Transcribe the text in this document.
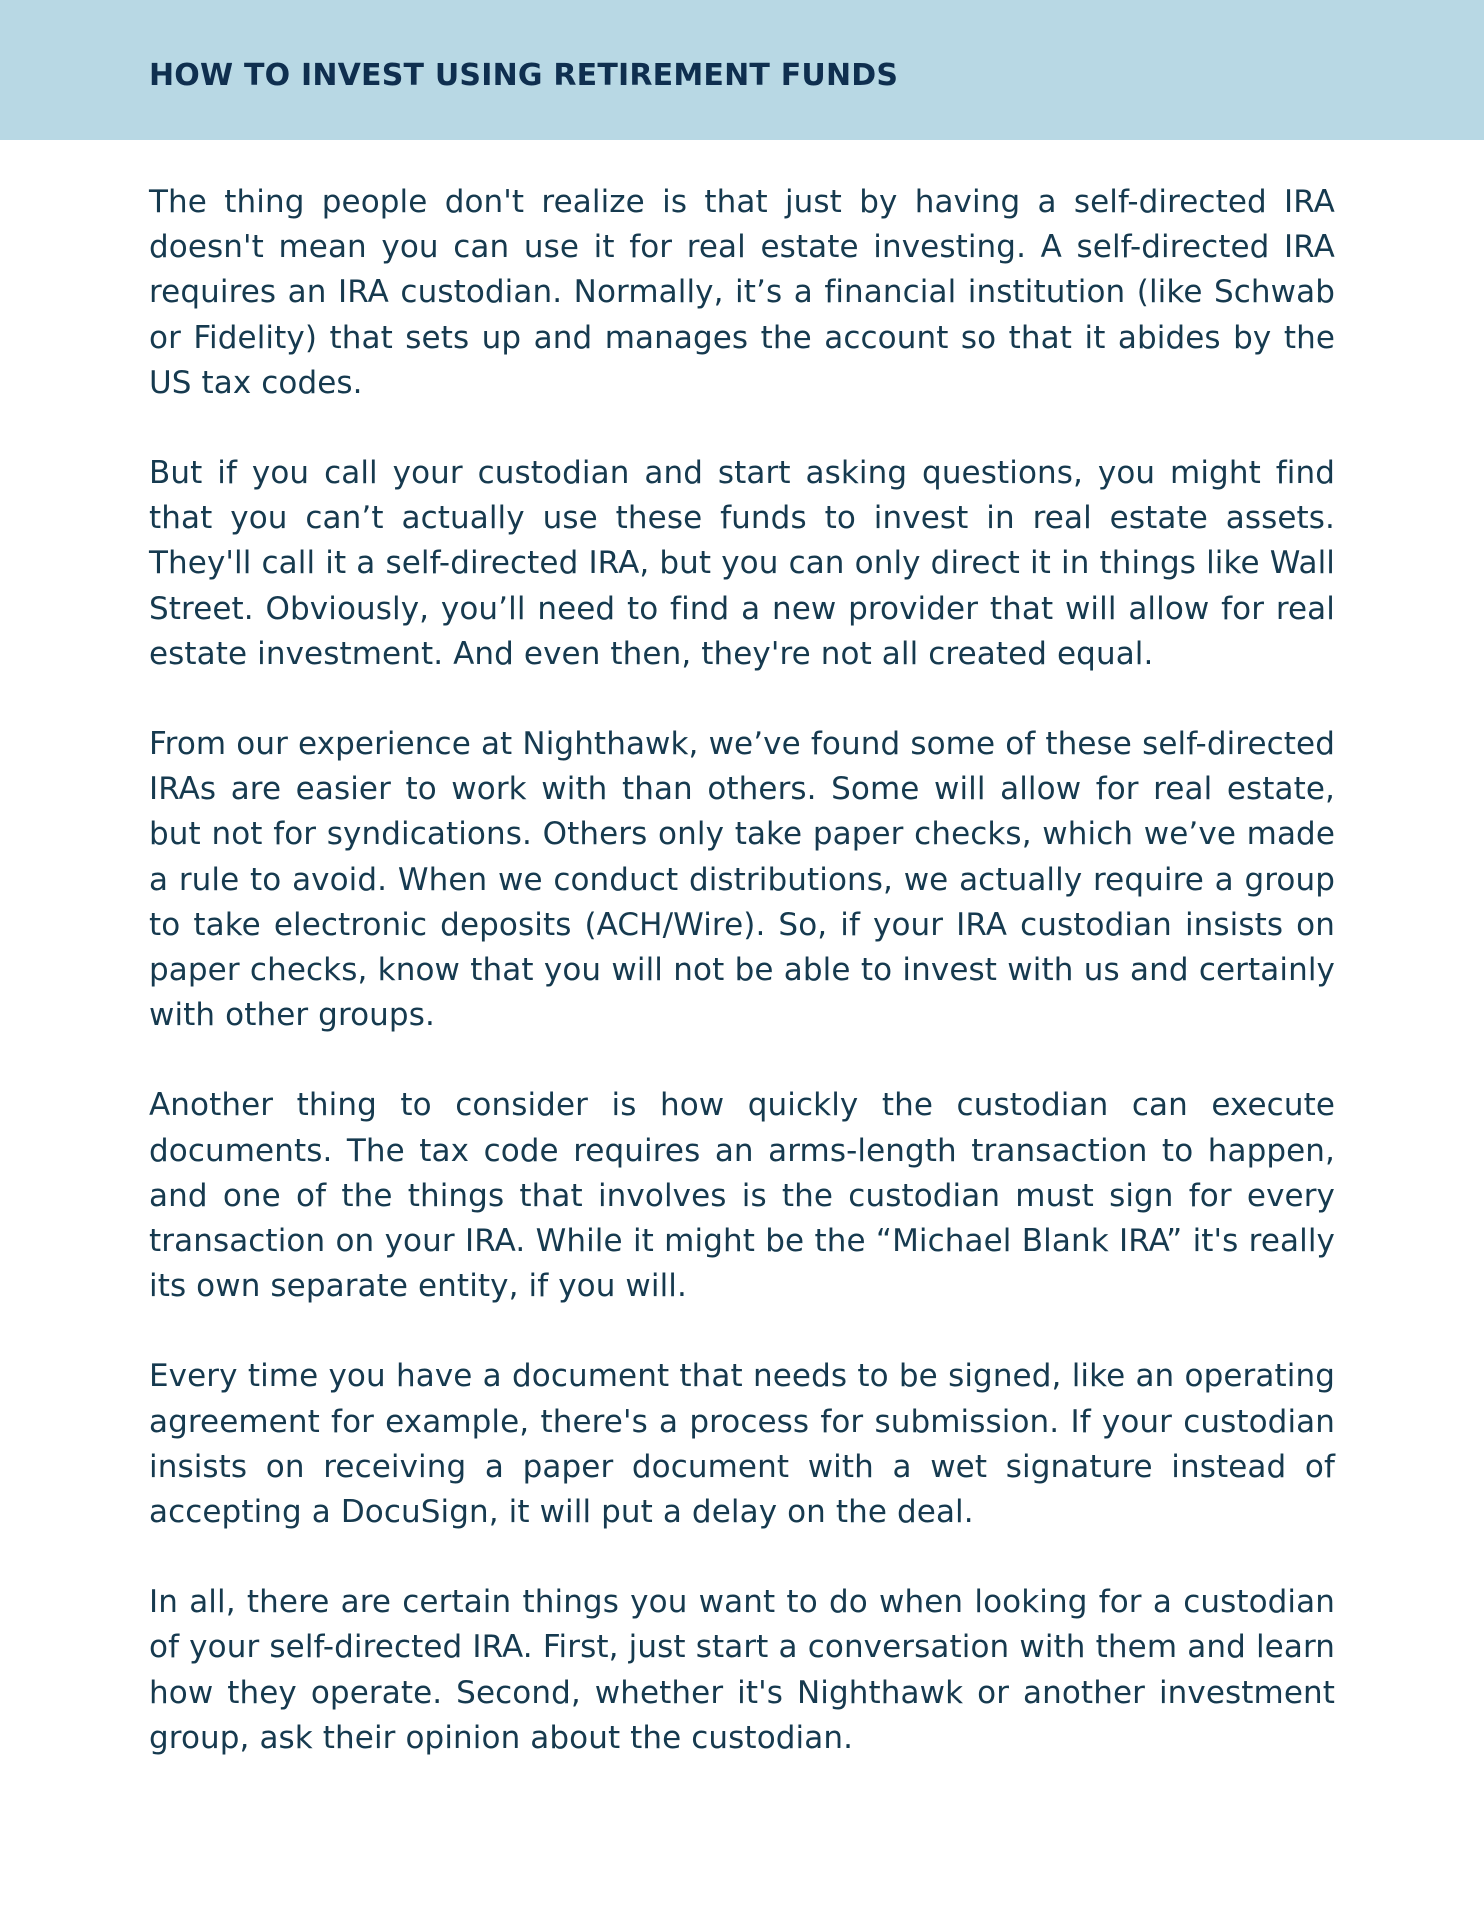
HOW TO INVEST USING RETIREMENT FUNDS

The thing people don't realize is that just by having a self-directed IRA doesn't mean you can use it for real estate investing. A self-directed IRA requires an IRA custodian. Normally, it’s a financial institution (like Schwab or Fidelity) that sets up and manages the account so that it abides by the US tax codes.

But if you call your custodian and start asking questions, you might find that you can’t actually use these funds to invest in real estate assets. They'll call it a self-directed IRA, but you can only direct it in things like Wall Street. Obviously, you’ll need to find a new provider that will allow for real estate investment. And even then, they're not all created equal.

From our experience at Nighthawk, we’ve found some of these self-directed IRAs are easier to work with than others. Some will allow for real estate, but not for syndications. Others only take paper checks, which we’ve made a rule to avoid. When we conduct distributions, we actually require a group to take electronic deposits (ACH/Wire). So, if your IRA custodian insists on paper checks, know that you will not be able to invest with us and certainly with other groups.

Another thing to consider is how quickly the custodian can execute documents. The tax code requires an arms-length transaction to happen, and one of the things that involves is the custodian must sign for every transaction on your IRA. While it might be the “Michael Blank IRA” it's really its own separate entity, if you will.

Every time you have a document that needs to be signed, like an operating agreement for example, there's a process for submission. If your custodian insists on receiving a paper document with a wet signature instead of accepting a DocuSign, it will put a delay on the deal.

In all, there are certain things you want to do when looking for a custodian of your self-directed IRA. First, just start a conversation with them and learn how they operate. Second, whether it's Nighthawk or another investment group, ask their opinion about the custodian.
